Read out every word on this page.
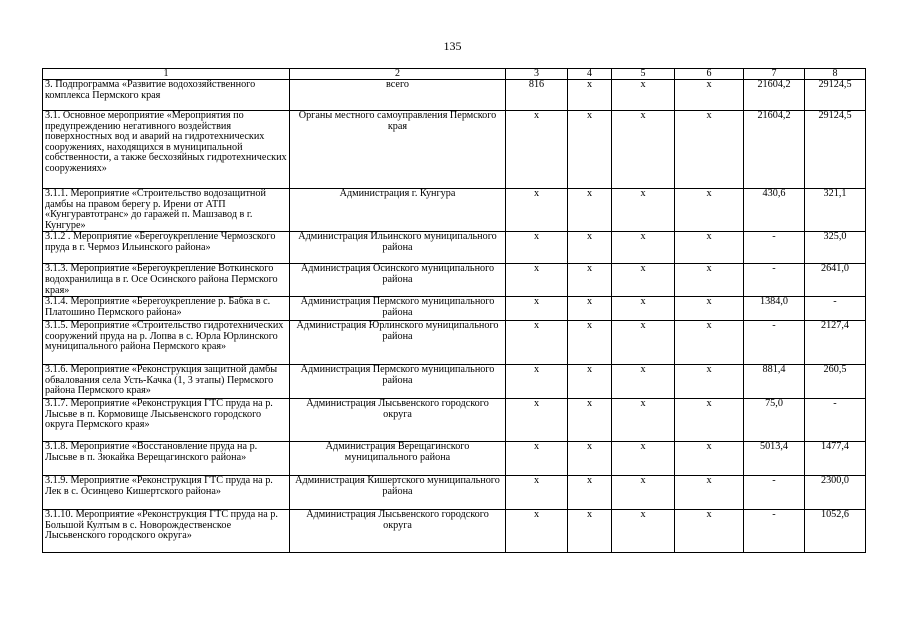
135
1	2	3	4	5	6	7	8
3. Подпрограмма «Развитие водохозяйственного комплекса Пермского края	всего	816	x	x	x	21604,2	29124,5
3.1. Основное мероприятие «Мероприятия по предупреждению негативного воздействия поверхностных вод и аварий на гидротехнических сооружениях, находящихся в муниципальной собственности, а также бесхозяйных гидротехнических сооружениях»	Органы местного самоуправления Пермского края	x	x	x	x	21604,2	29124,5
3.1.1. Мероприятие «Строительство водозащитной дамбы на правом берегу р. Ирени от АТП «Кунгуравтотранс» до гаражей п. Машзавод в г. Кунгуре»	Администрация г. Кунгура	x	x	x	x	430,6	321,1
3.1.2 . Мероприятие «Берегоукрепление Чермозского пруда в г. Чермоз Ильинского района»	Администрация Ильинского муниципального района	x	x	x	x	-	325,0
3.1.3. Мероприятие «Берегоукрепление Воткинского водохранилища в г. Осе Осинского района Пермского края»	Администрация Осинского муниципального района	x	x	x	x	-	2641,0
3.1.4. Мероприятие «Берегоукрепление р. Бабка в с. Платошино Пермского района»	Администрация Пермского муниципального района	x	x	x	x	1384,0	-
3.1.5. Мероприятие «Строительство гидротехнических сооружений пруда на р. Лопва в с. Юрла Юрлинского муниципального района Пермского края»	Администрация Юрлинского муниципального района	x	x	x	x	-	2127,4
3.1.6. Мероприятие «Реконструкция защитной дамбы обвалования села Усть-Качка (1, 3 этапы) Пермского района Пермского края»	Администрация Пермского муниципального района	x	x	x	x	881,4	260,5
3.1.7. Мероприятие «Реконструкция ГТС пруда на р. Лысьве в п. Кормовище Лысьвенского городского округа Пермского края»	Администрация Лысьвенского городского округа	x	x	x	x	75,0	-
3.1.8. Мероприятие «Восстановление пруда на р. Лысьве в п. Зюкайка Верещагинского района»	Администрация Верещагинского муниципального района	x	x	x	x	5013,4	1477,4
3.1.9. Мероприятие «Реконструкция ГТС пруда на р. Лек в с. Осинцево Кишертского района»	Администрация Кишертского муниципального района	x	x	x	x	-	2300,0
3.1.10. Мероприятие «Реконструкция ГТС пруда на р. Большой Култым в с. Новорождественское Лысьвенского городского округа»	Администрация Лысьвенского городского округа	x	x	x	x	-	1052,6
